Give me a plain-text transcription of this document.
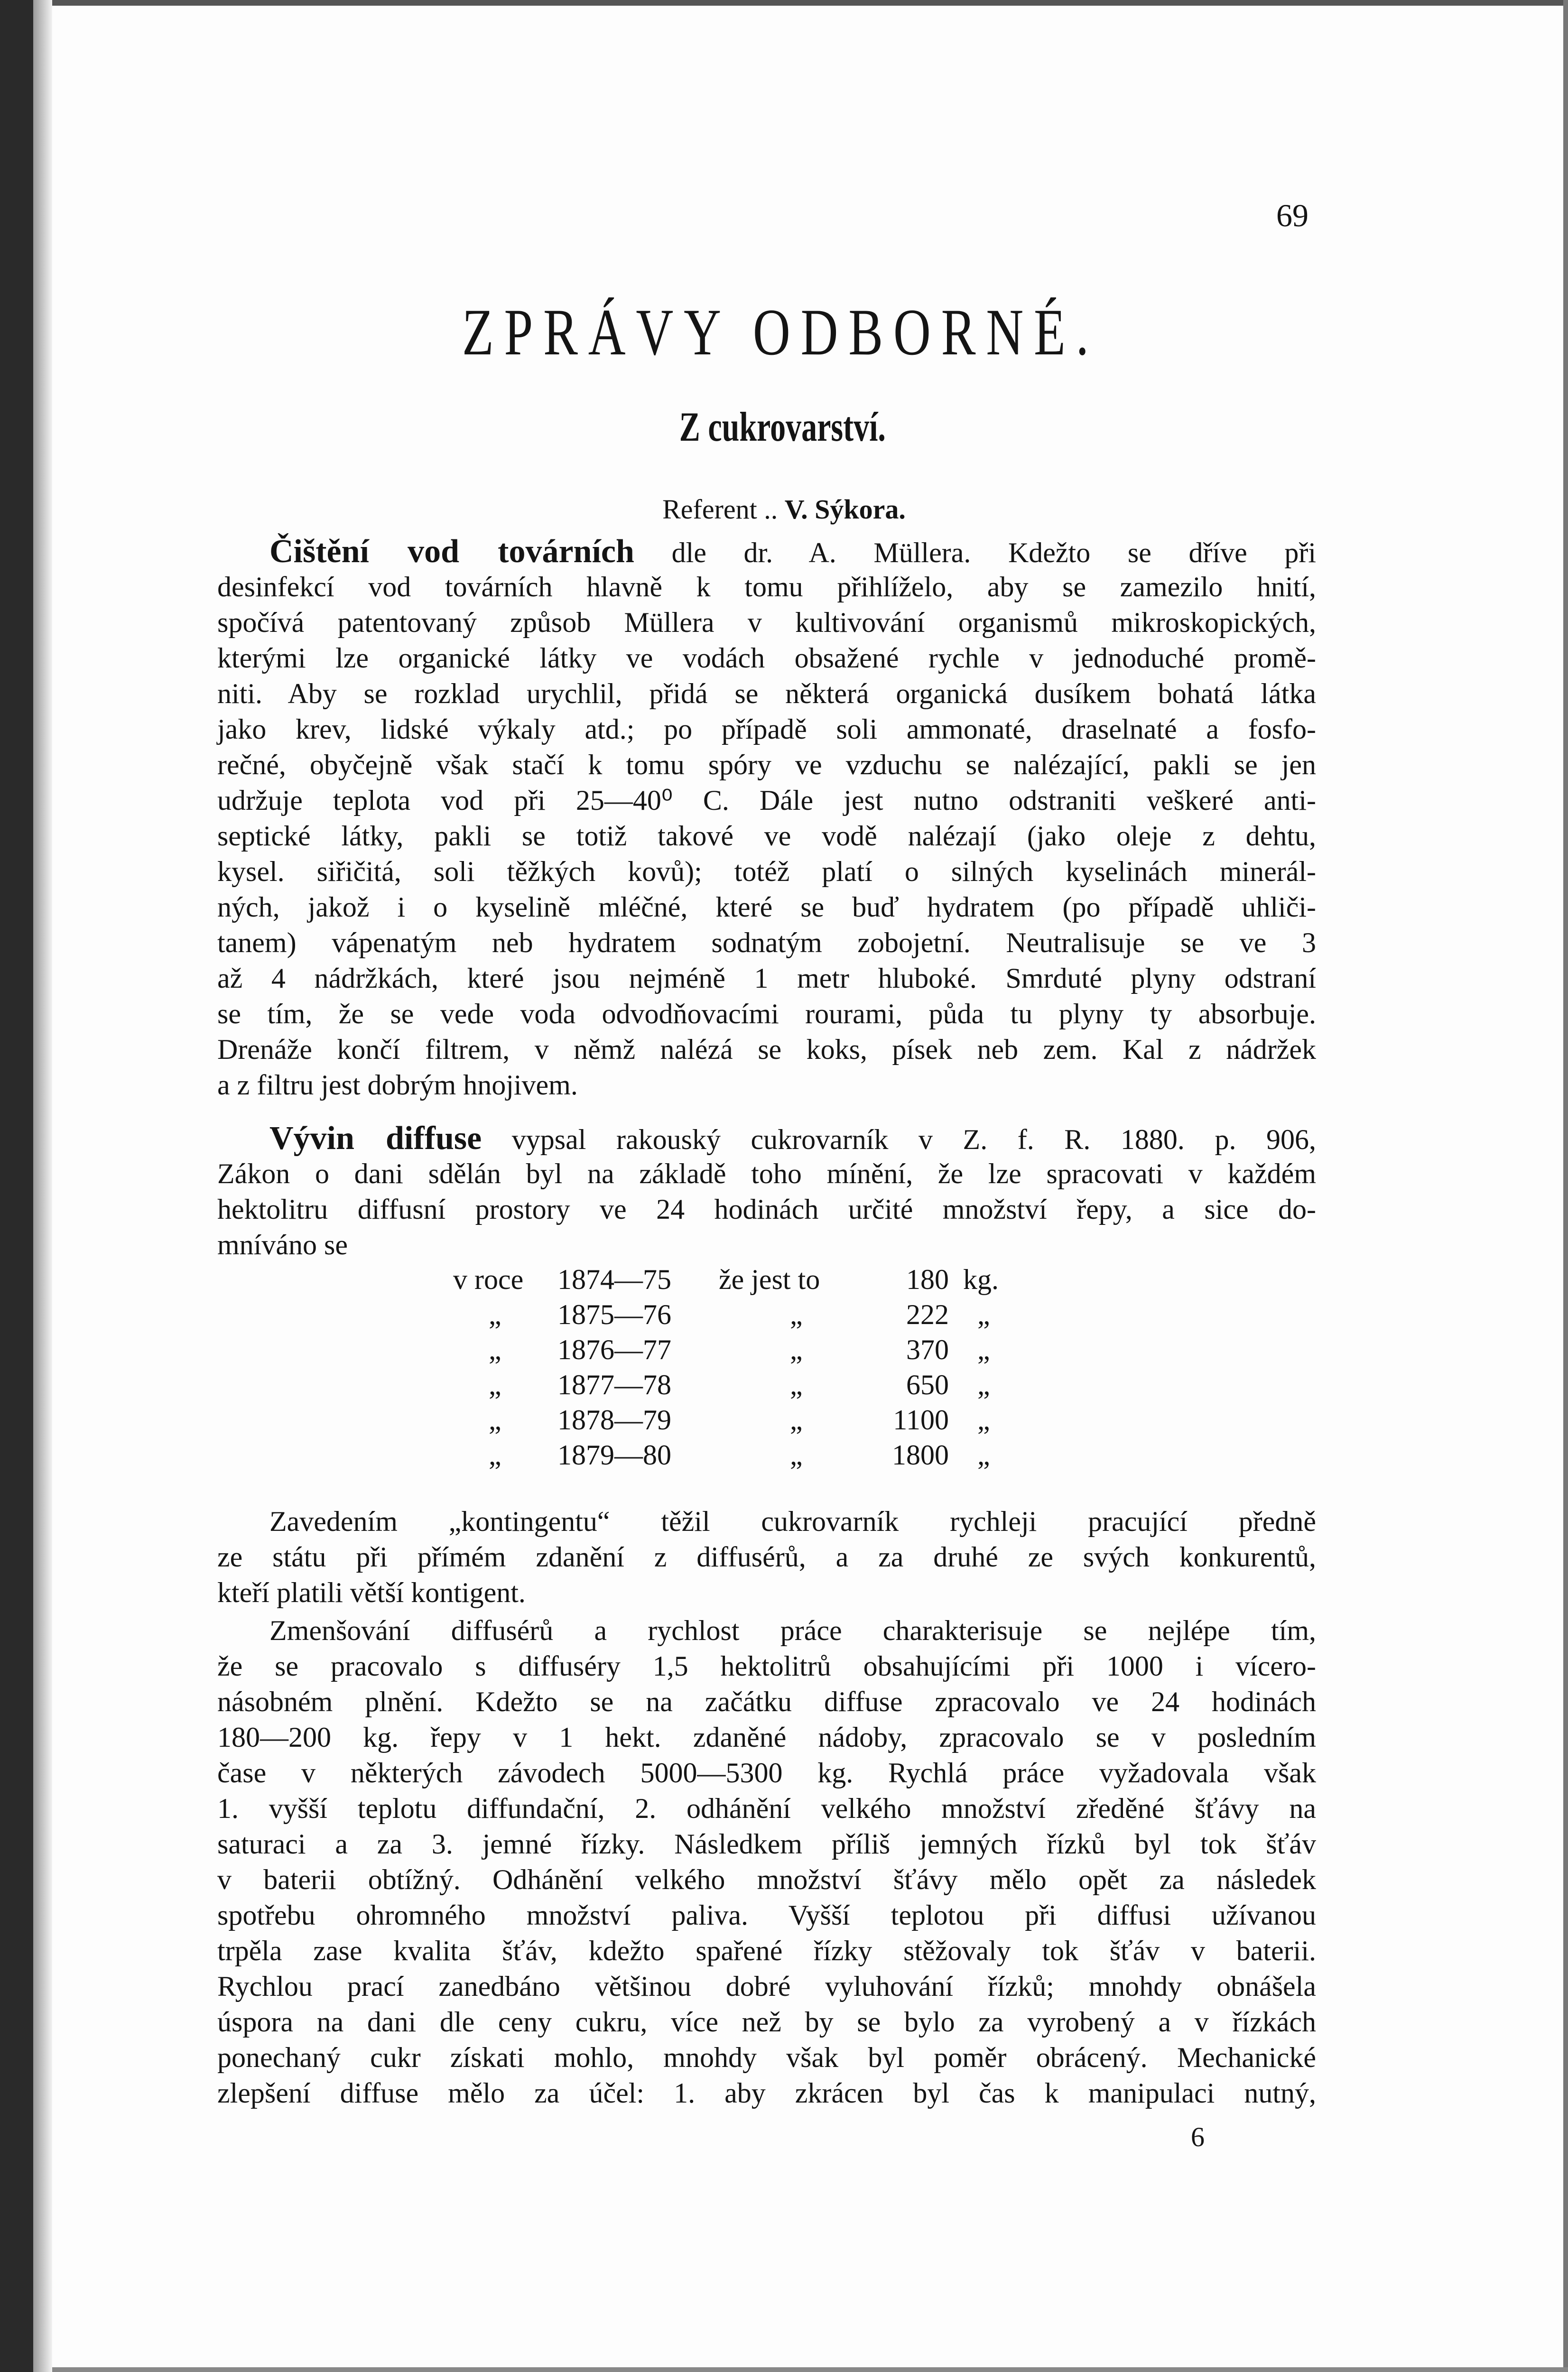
69
ZPRÁVY ODBORNÉ.
Z cukrovarství.
Referent .. V. Sýkora.
Čištění vod továrních dle dr. A. Müllera. Kdežto se dříve při
desinfekcí vod továrních hlavně k tomu přihlíželo, aby se zamezilo hnití,
spočívá patentovaný způsob Müllera v kultivování organismů mikroskopických,
kterými lze organické látky ve vodách obsažené rychle v jednoduché promě-
niti. Aby se rozklad urychlil, přidá se některá organická dusíkem bohatá látka
jako krev, lidské výkaly atd.; po případě soli ammonaté, draselnaté a fosfo-
rečné, obyčejně však stačí k tomu spóry ve vzduchu se nalézající, pakli se jen
udržuje teplota vod při 25—40⁰ C. Dále jest nutno odstraniti veškeré anti-
septické látky, pakli se totiž takové ve vodě nalézají (jako oleje z dehtu,
kysel. siřičitá, soli těžkých kovů); totéž platí o silných kyselinách minerál-
ných, jakož i o kyselině mléčné, které se buď hydratem (po případě uhliči-
tanem) vápenatým neb hydratem sodnatým zobojetní. Neutralisuje se ve 3
až 4 nádržkách, které jsou nejméně 1 metr hluboké. Smrduté plyny odstraní
se tím, že se vede voda odvodňovacími rourami, půda tu plyny ty absorbuje.
Drenáže končí filtrem, v němž nalézá se koks, písek neb zem. Kal z nádržek
a z filtru jest dobrým hnojivem.
Vývin diffuse vypsal rakouský cukrovarník v Z. f. R. 1880. p. 906,
Zákon o dani sdělán byl na základě toho mínění, že lze spracovati v každém
hektolitru diffusní prostory ve 24 hodinách určité množství řepy, a sice do-
mníváno se
v roce 1874—75 že jest to	180 kg.
„ 1875—76	„	222 „
„ 1876—77	„	370 „
„ 1877—78	„	650 „
„ 1878—79	„	1100 „
„ 1879—80	„	1800 „
Zavedením „kontingentu“ těžil cukrovarník rychleji pracující předně
ze státu při přímém zdanění z diffusérů, a za druhé ze svých konkurentů,
kteří platili větší kontigent.
Zmenšování diffusérů a rychlost práce charakterisuje se nejlépe tím,
že se pracovalo s diffuséry 1,5 hektolitrů obsahujícími při 1000 i vícero-
násobném plnění. Kdežto se na začátku diffuse zpracovalo ve 24 hodinách
180—200 kg. řepy v 1 hekt. zdaněné nádoby, zpracovalo se v posledním
čase v některých závodech 5000—5300 kg. Rychlá práce vyžadovala však
1. vyšší teplotu diffundační, 2. odhánění velkého množství zředěné šťávy na
saturaci a za 3. jemné řízky. Následkem příliš jemných řízků byl tok šťáv
v baterii obtížný. Odhánění velkého množství šťávy mělo opět za následek
spotřebu ohromného množství paliva. Vyšší teplotou při diffusi užívanou
trpěla zase kvalita šťáv, kdežto spařené řízky stěžovaly tok šťáv v baterii.
Rychlou prací zanedbáno většinou dobré vyluhování řízků; mnohdy obnášela
úspora na dani dle ceny cukru, více než by se bylo za vyrobený a v řízkách
ponechaný cukr získati mohlo, mnohdy však byl poměr obrácený. Mechanické
zlepšení diffuse mělo za účel: 1. aby zkrácen byl čas k manipulaci nutný,
6
